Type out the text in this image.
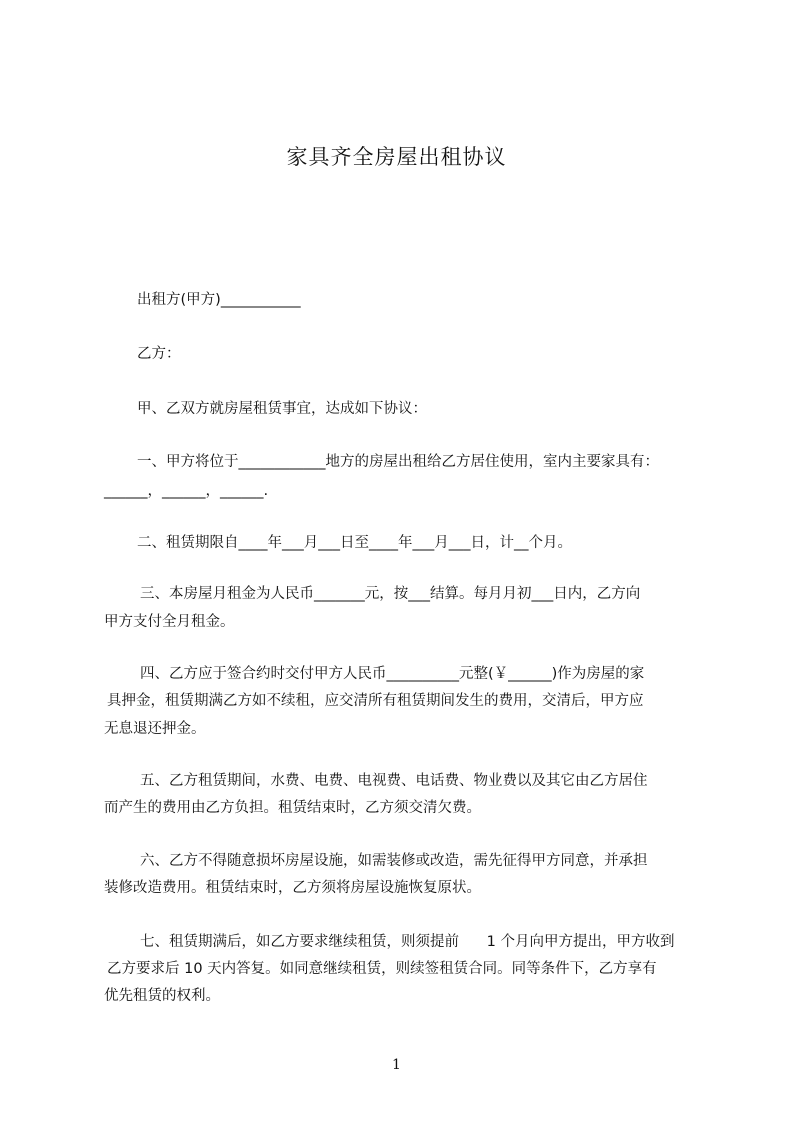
家具齐全房屋出租协议
出租方(甲方)___________
乙方：
甲、乙双方就房屋租赁事宜，达成如下协议：
一、甲方将位于____________地方的房屋出租给乙方居住使用，室内主要家具有：
______，______，______.
二、租赁期限自____年___月___日至____年___月___日，计__个月。
三、本房屋月租金为人民币_______元，按___结算。每月月初___日内，乙方向
甲方支付全月租金。
四、乙方应于签合约时交付甲方人民币__________元整(￥______)作为房屋的家
具押金，租赁期满乙方如不续租，应交清所有租赁期间发生的费用，交清后，甲方应
无息退还押金。
五、乙方租赁期间，水费、电费、电视费、电话费、物业费以及其它由乙方居住
而产生的费用由乙方负担。租赁结束时，乙方须交清欠费。
六、乙方不得随意损坏房屋设施，如需装修或改造，需先征得甲方同意，并承担
装修改造费用。租赁结束时，乙方须将房屋设施恢复原状。
七、租赁期满后，如乙方要求继续租赁，则须提前      1 个月向甲方提出，甲方收到
乙方要求后 10 天内答复。如同意继续租赁，则续签租赁合同。同等条件下，乙方享有
优先租赁的权利。
1
